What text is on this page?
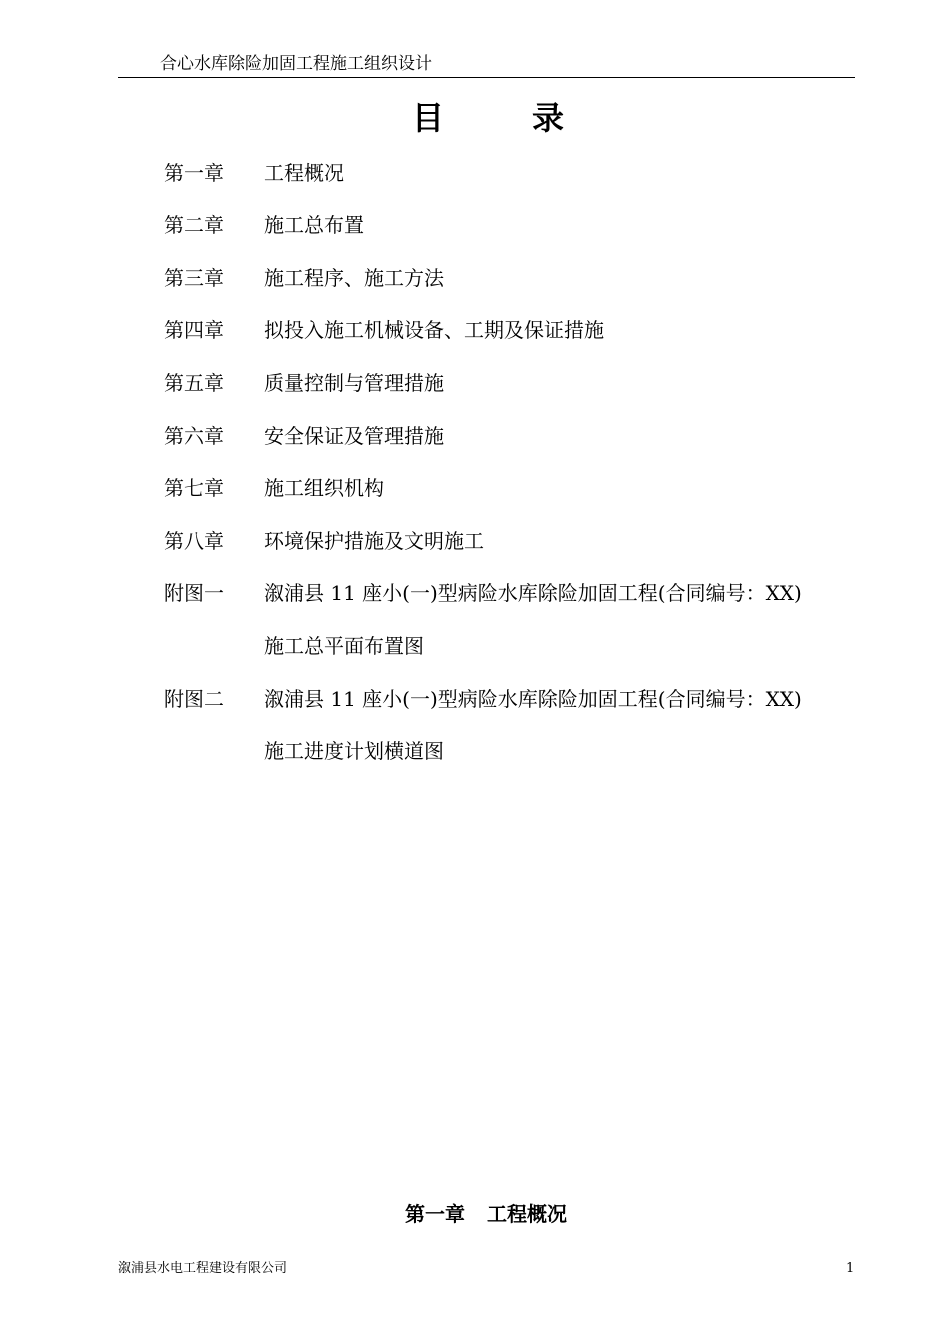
合心水库除险加固工程施工组织设计
目	录
第一章 工程概况
第二章 施工总布置
第三章 施工程序、施工方法
第四章 拟投入施工机械设备、工期及保证措施
第五章 质量控制与管理措施
第六章 安全保证及管理措施
第七章 施工组织机构
第八章 环境保护措施及文明施工
附图一 溆浦县 11 座小(一)型病险水库除险加固工程(合同编号：XX)
施工总平面布置图
附图二 溆浦县 11 座小(一)型病险水库除险加固工程(合同编号：XX)
施工进度计划横道图
第一章 工程概况
溆浦县水电工程建设有限公司	1
